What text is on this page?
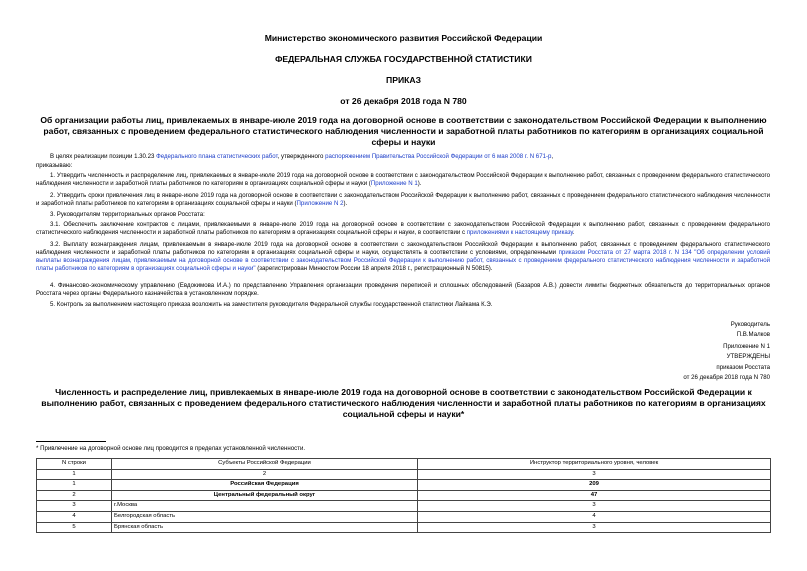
Министерство экономического развития Российской Федерации
ФЕДЕРАЛЬНАЯ СЛУЖБА ГОСУДАРСТВЕННОЙ СТАТИСТИКИ
ПРИКАЗ
от 26 декабря 2018 года N 780
Об организации работы лиц, привлекаемых в январе-июле 2019 года на договорной основе в соответствии с законодательством Российской Федерации к выполнению работ, связанных с проведением федерального статистического наблюдения численности и заработной платы работников по категориям в организациях социальной сферы и науки
В целях реализации позиции 1.30.23 Федерального плана статистических работ, утвержденного распоряжением Правительства Российской Федерации от 6 мая 2008 г. N 671-р,
приказываю:
1. Утвердить численность и распределение лиц, привлекаемых в январе-июле 2019 года на договорной основе в соответствии с законодательством Российской Федерации к выполнению работ, связанных с проведением федерального статистического наблюдения численности и заработной платы работников по категориям в организациях социальной сферы и науки (Приложение N 1).
2. Утвердить сроки привлечения лиц в январе-июле 2019 года на договорной основе в соответствии с законодательством Российской Федерации к выполнению работ, связанных с проведением федерального статистического наблюдения численности и заработной платы работников по категориям в организациях социальной сферы и науки (Приложение N 2).
3. Руководителям территориальных органов Росстата:
3.1. Обеспечить заключение контрактов с лицами, привлекаемыми в январе-июле 2019 года на договорной основе в соответствии с законодательством Российской Федерации к выполнению работ, связанных с проведением федерального статистического наблюдения численности и заработной платы работников по категориям в организациях социальной сферы и науки, в соответствии с приложениями к настоящему приказу.
3.2. Выплату вознаграждения лицам, привлекаемым в январе-июле 2019 года на договорной основе в соответствии с законодательством Российской Федерации к выполнению работ, связанных с проведением федерального статистического наблюдения численности и заработной платы работников по категориям в организациях социальной сферы и науки, осуществлять в соответствии с условиями, определенными приказом Росстата от 27 марта 2018 г. N 134 "Об определении условий выплаты вознаграждения лицам, привлекаемым на договорной основе в соответствии с законодательством Российской Федерации к выполнению работ, связанных с проведением федерального статистического наблюдения численности и заработной платы работников по категориям в организациях социальной сферы и науки" (зарегистрирован Минюстом России 18 апреля 2018 г., регистрационный N 50815).
4. Финансово-экономическому управлению (Евдокимова И.А.) по представлению Управления организации проведения переписей и сплошных обследований (Базаров А.В.) довести лимиты бюджетных обязательств до территориальных органов Росстата через органы Федерального казначейства в установленном порядке.
5. Контроль за выполнением настоящего приказа возложить на заместителя руководителя Федеральной службы государственной статистики Лайкама К.Э.
Руководитель
П.В.Малков
Приложение N 1
УТВЕРЖДЕНЫ
приказом Росстата
от 26 декабря 2018 года N 780
Численность и распределение лиц, привлекаемых в январе-июле 2019 года на договорной основе в соответствии с законодательством Российской Федерации к выполнению работ, связанных с проведением федерального статистического наблюдения численности и заработной платы работников по категориям в организациях социальной сферы и науки*
* Привлечение на договорной основе лиц проводится в пределах установленной численности.
N строки	Субъекты Российской Федерации	Инструктор территориального уровня, человек
1	2	3
1	Российская Федерация	209
2	Центральный федеральный округ	47
3	г.Москва	3
4	Белгородская область	4
5	Брянская область	3
